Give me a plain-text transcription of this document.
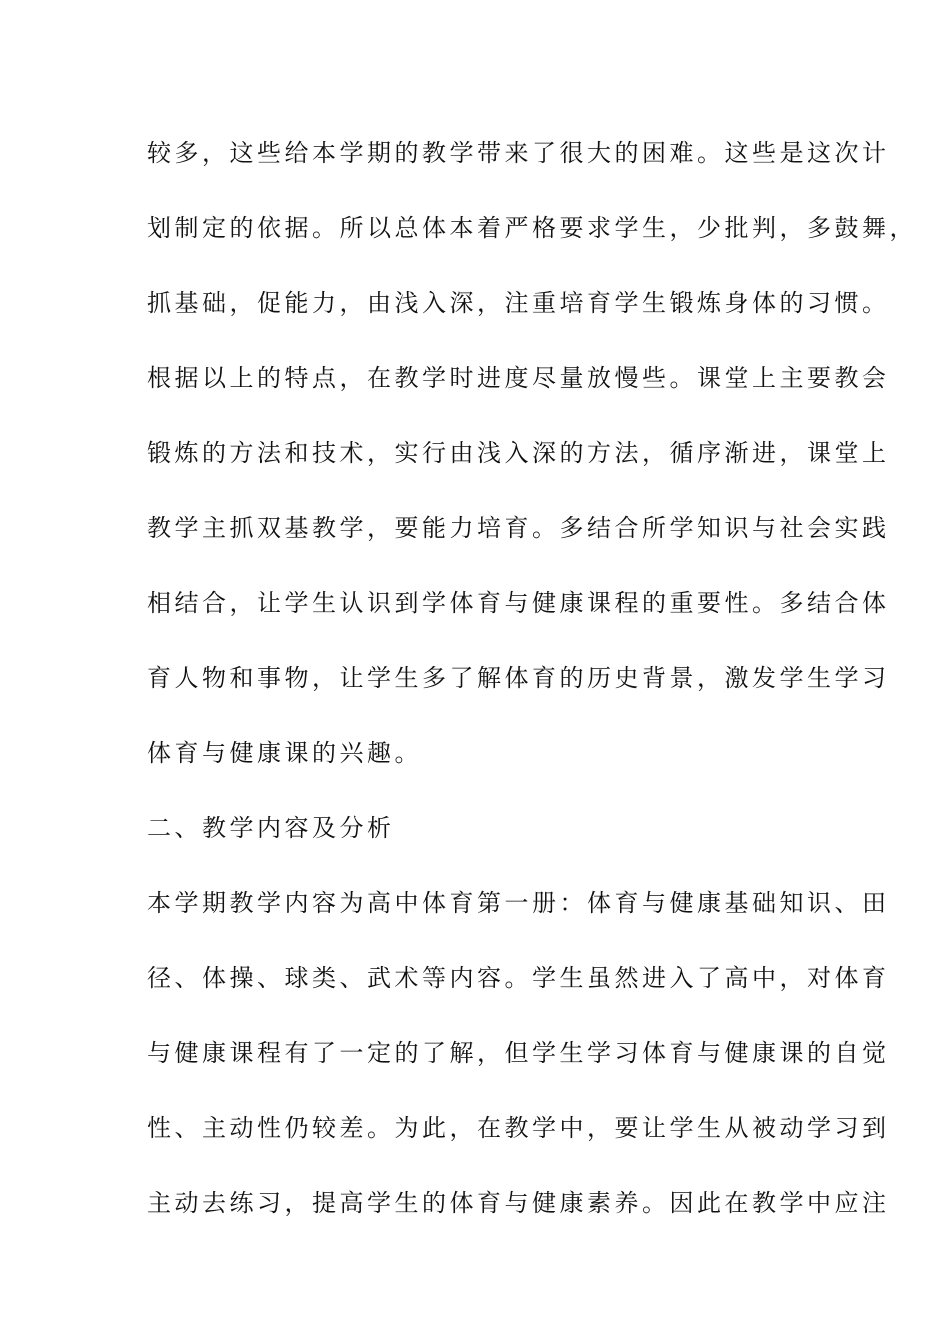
较多，这些给本学期的教学带来了很大的困难。这些是这次计
划制定的依据。所以总体本着严格要求学生，少批判，多鼓舞，
抓基础，促能力，由浅入深，注重培育学生锻炼身体的习惯。
根据以上的特点，在教学时进度尽量放慢些。课堂上主要教会
锻炼的方法和技术，实行由浅入深的方法，循序渐进，课堂上
教学主抓双基教学，要能力培育。多结合所学知识与社会实践
相结合，让学生认识到学体育与健康课程的重要性。多结合体
育人物和事物，让学生多了解体育的历史背景，激发学生学习
体育与健康课的兴趣。
二、教学内容及分析
本学期教学内容为高中体育第一册：体育与健康基础知识、田
径、体操、球类、武术等内容。学生虽然进入了高中，对体育
与健康课程有了一定的了解，但学生学习体育与健康课的自觉
性、主动性仍较差。为此，在教学中，要让学生从被动学习到
主动去练习，提高学生的体育与健康素养。因此在教学中应注
